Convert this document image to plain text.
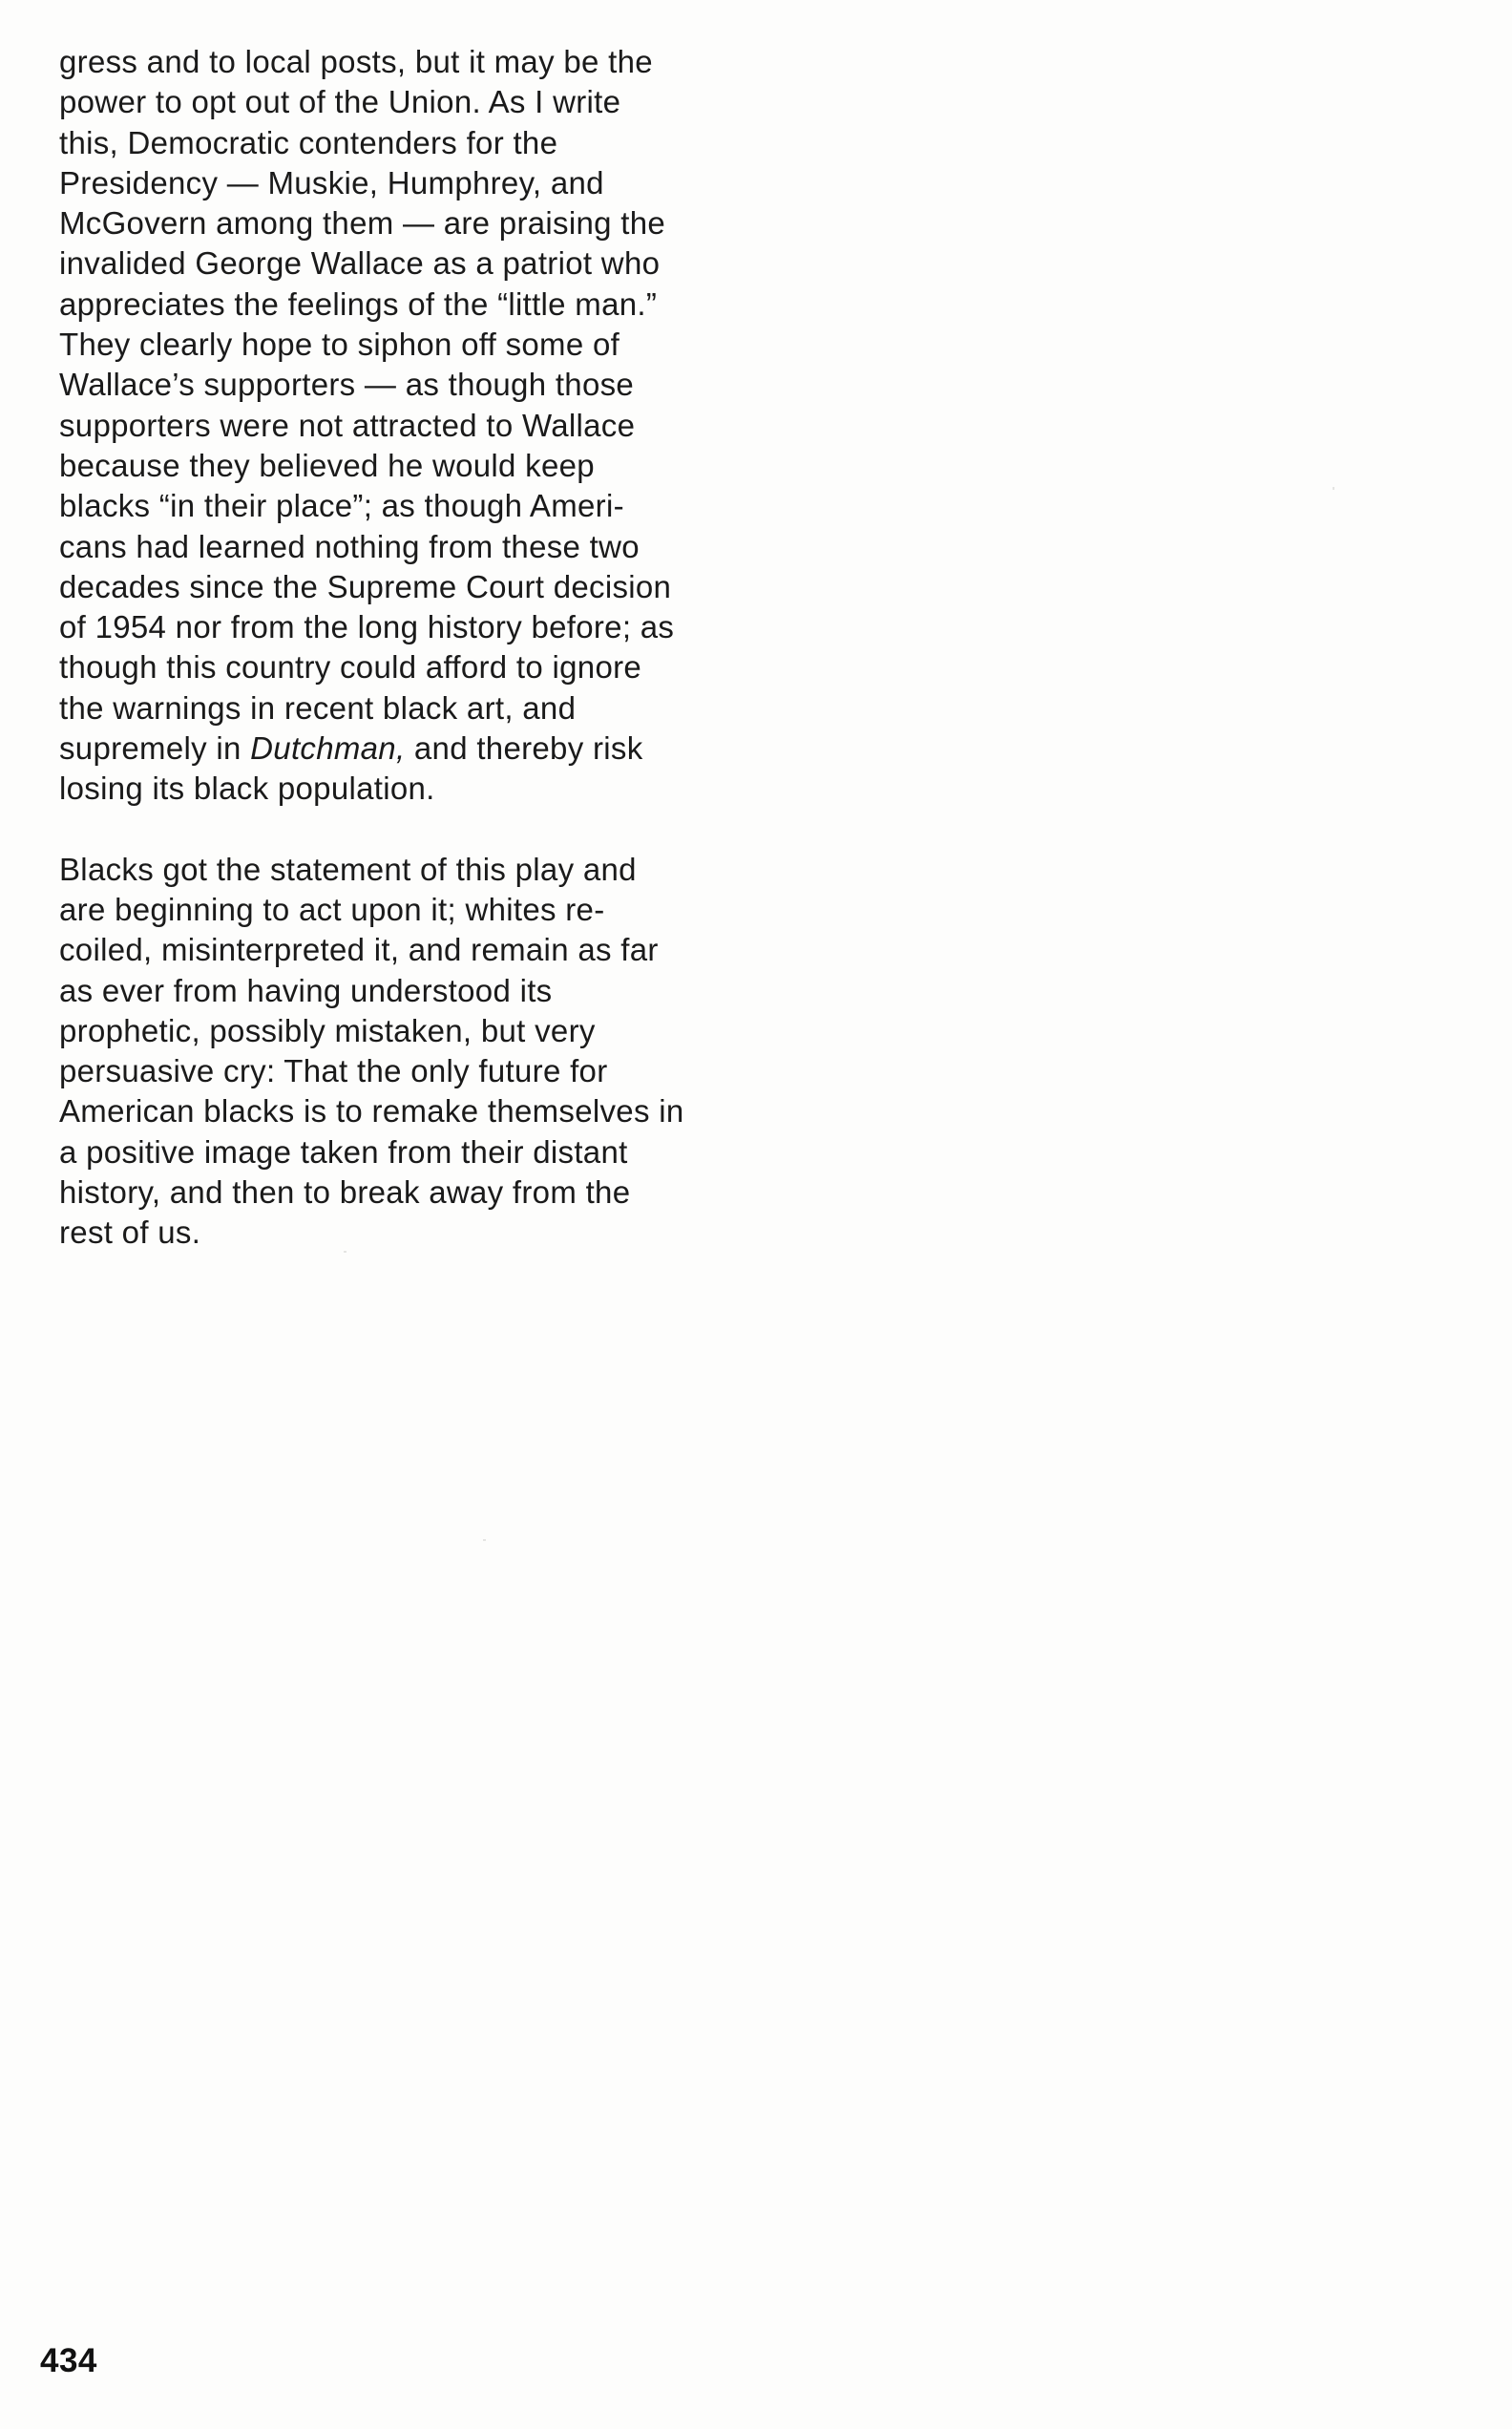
gress and to local posts, but it may be the
power to opt out of the Union. As I write
this, Democratic contenders for the
Presidency — Muskie, Humphrey, and
McGovern among them — are praising the
invalided George Wallace as a patriot who
appreciates the feelings of the “little man.”
They clearly hope to siphon off some of
Wallace’s supporters — as though those
supporters were not attracted to Wallace
because they believed he would keep
blacks “in their place”; as though Ameri-
cans had learned nothing from these two
decades since the Supreme Court decision
of 1954 nor from the long history before; as
though this country could afford to ignore
the warnings in recent black art, and
supremely in Dutchman, and thereby risk
losing its black population.

Blacks got the statement of this play and
are beginning to act upon it; whites re-
coiled, misinterpreted it, and remain as far
as ever from having understood its
prophetic, possibly mistaken, but very
persuasive cry: That the only future for
American blacks is to remake themselves in
a positive image taken from their distant
history, and then to break away from the
rest of us.

434
